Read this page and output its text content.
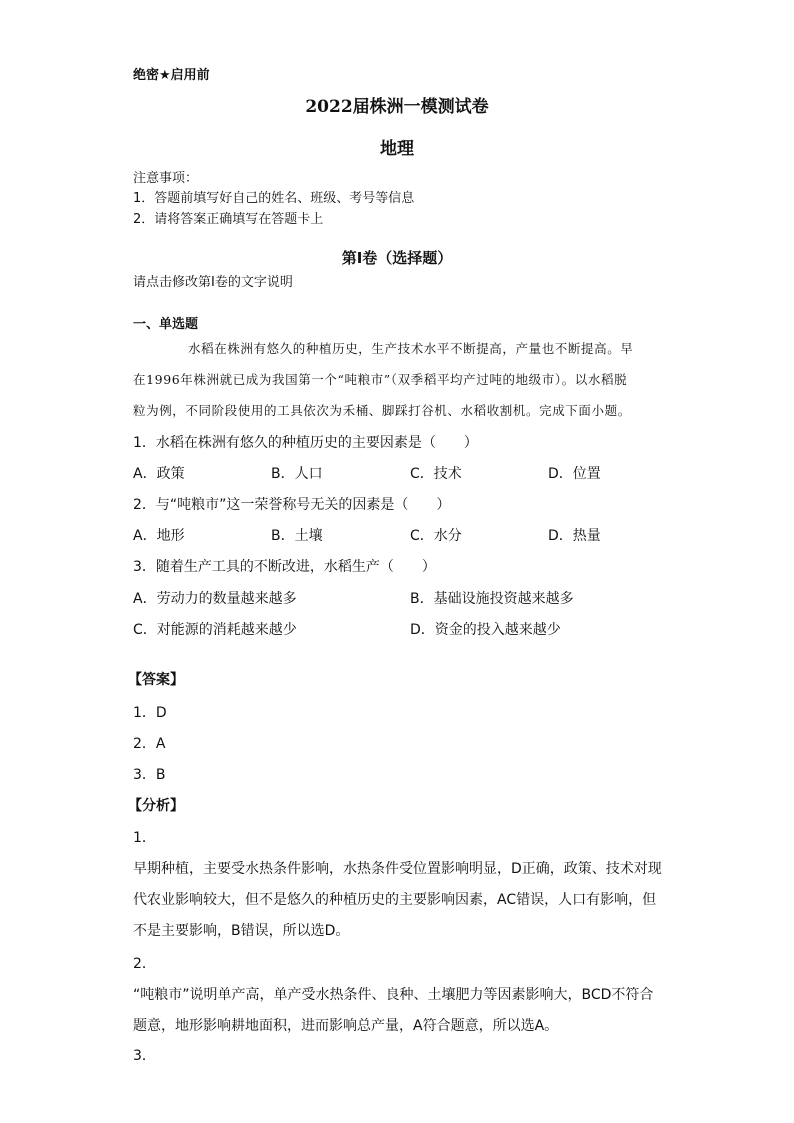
绝密★启用前
2022届株洲一模测试卷
地理
注意事项：
1．答题前填写好自己的姓名、班级、考号等信息
2．请将答案正确填写在答题卡上
第I卷（选择题）
请点击修改第I卷的文字说明
一、单选题
水稻在株洲有悠久的种植历史，生产技术水平不断提高，产量也不断提高。早
在1996年株洲就已成为我国第一个“吨粮市”（双季稻平均产过吨的地级市）。以水稻脱
粒为例，不同阶段使用的工具依次为禾桶、脚踩打谷机、水稻收割机。完成下面小题。
1．水稻在株洲有悠久的种植历史的主要因素是（　　）
A．政策	B．人口	C．技术	D．位置
2．与“吨粮市”这一荣誉称号无关的因素是（　　）
A．地形	B．土壤	C．水分	D．热量
3．随着生产工具的不断改进，水稻生产（　　）
A．劳动力的数量越来越多	B．基础设施投资越来越多
C．对能源的消耗越来越少	D．资金的投入越来越少
【答案】
1．D
2．A
3．B
【分析】
1．
早期种植，主要受水热条件影响，水热条件受位置影响明显，D正确，政策、技术对现
代农业影响较大，但不是悠久的种植历史的主要影响因素，AC错误，人口有影响，但
不是主要影响，B错误，所以选D。
2．
“吨粮市”说明单产高，单产受水热条件、良种、土壤肥力等因素影响大，BCD不符合
题意，地形影响耕地面积，进而影响总产量，A符合题意，所以选A。
3．
